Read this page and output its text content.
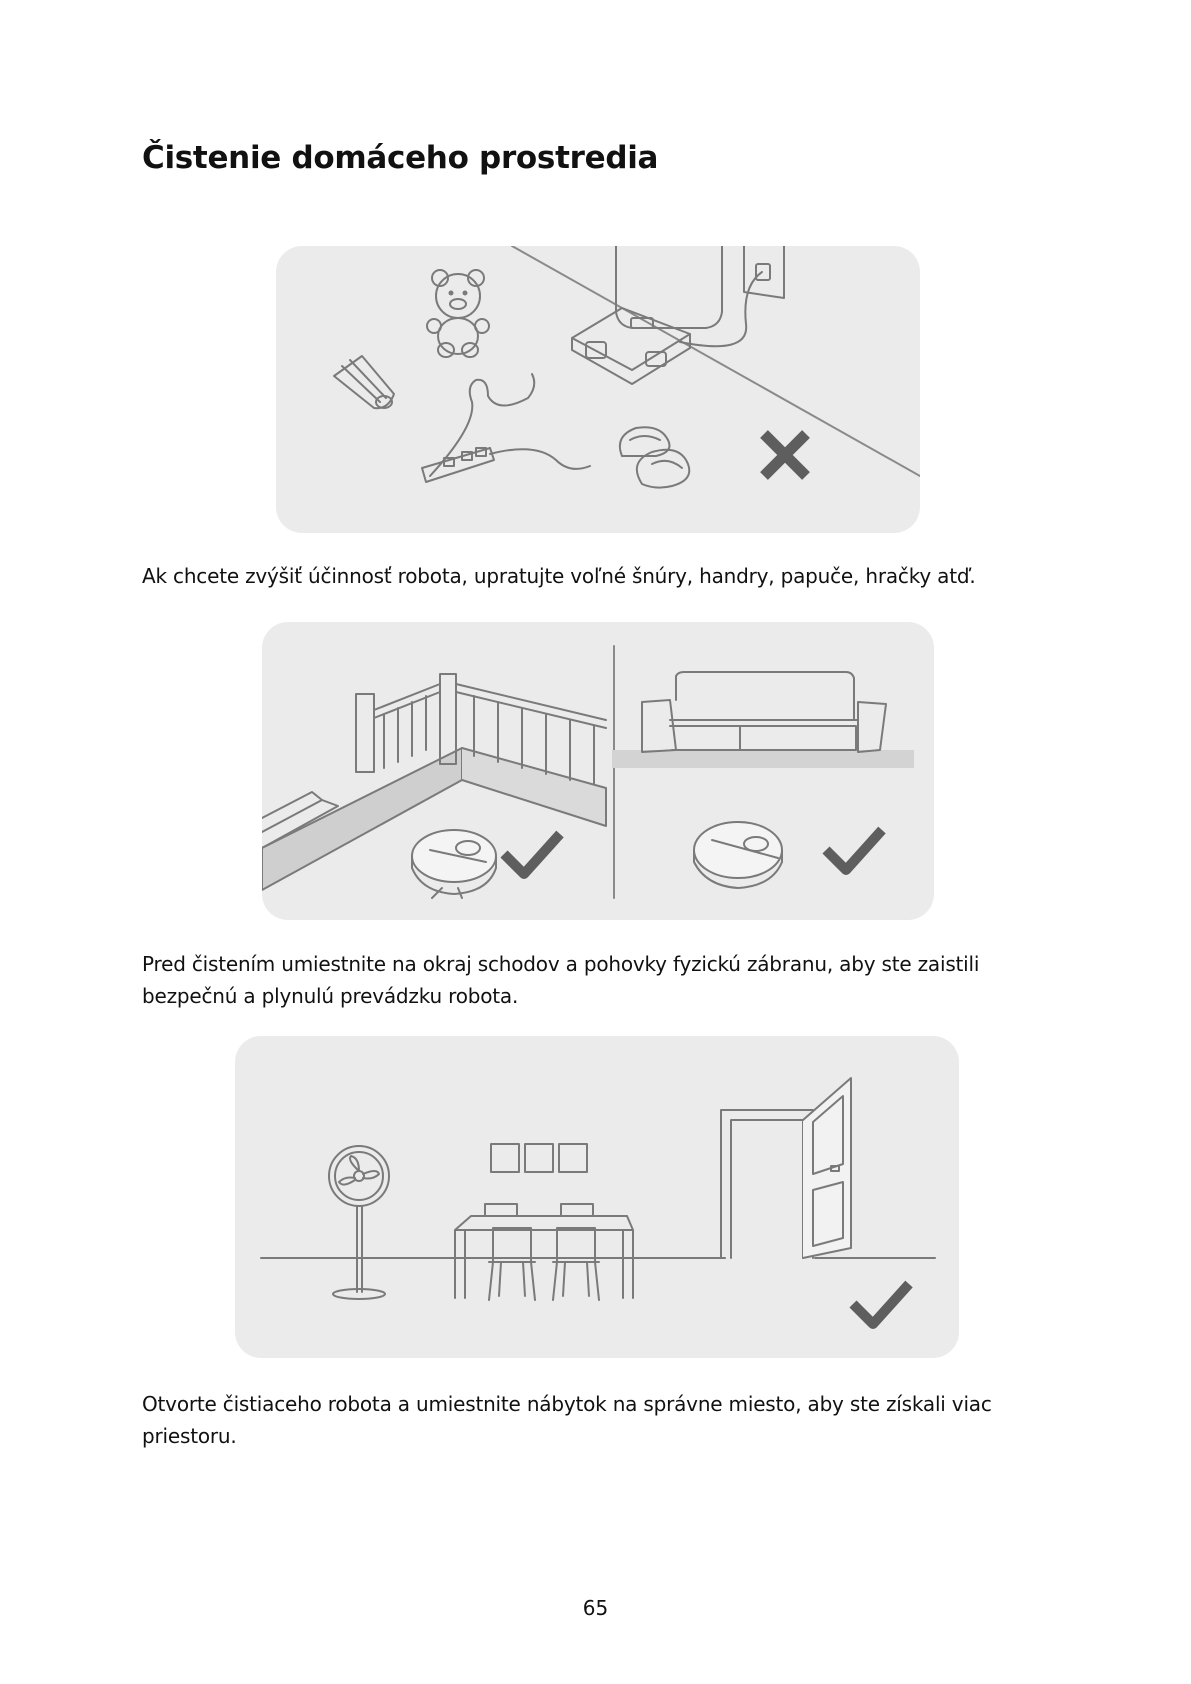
Čistenie domáceho prostredia

Ak chcete zvýšiť účinnosť robota, upratujte voľné šnúry, handry, papuče, hračky atď.

Pred čistením umiestnite na okraj schodov a pohovky fyzickú zábranu, aby ste zaistili bezpečnú a plynulú prevádzku robota.

Otvorte čistiaceho robota a umiestnite nábytok na správne miesto, aby ste získali viac priestoru.

65
